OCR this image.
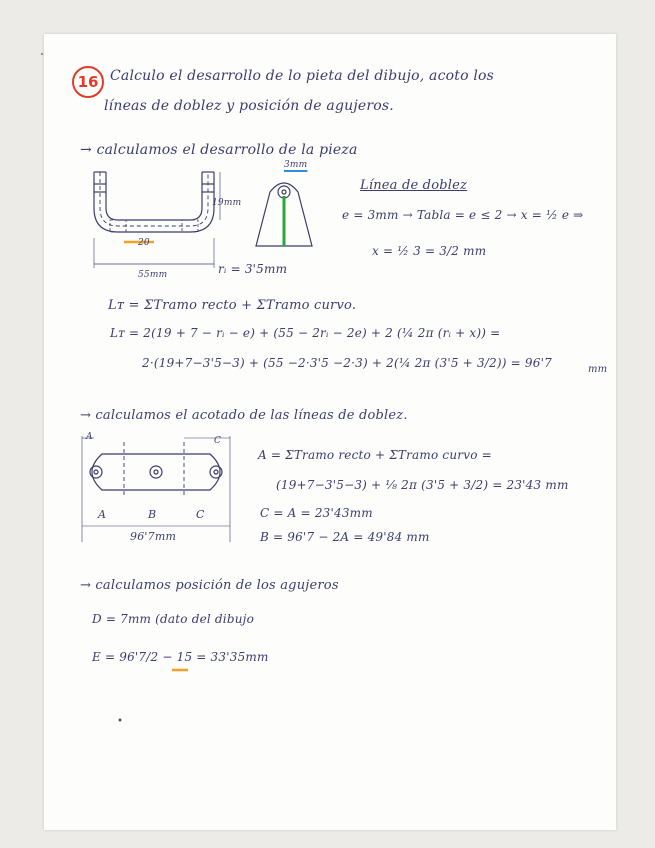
16 Calculo el desarrollo de lo pieta del dibujo, acoto los
líneas de doblez y posición de agujeros.
→ calculamos el desarrollo de la pieza
19mm
20
55mm	rᵢ = 3'5mm
3mm
Línea de doblez
e = 3mm → Tabla = e ≤ 2 → x = ½ e ⇒
x = ½ 3 = 3/2 mm
Lᴛ = ΣTramo recto + ΣTramo curvo.
Lᴛ = 2(19 + 7 − rᵢ − e) + (55 − 2rᵢ − 2e) + 2 (¼ 2π (rᵢ + x)) =
2·(19+7−3'5−3) + (55 −2·3'5 −2·3) + 2(¼ 2π (3'5 + 3/2)) = 96'7	mm
→ calculamos el acotado de las líneas de doblez.
A	C
A	B	C
96'7mm
A = ΣTramo recto + ΣTramo curvo =
(19+7−3'5−3) + ⅛ 2π (3'5 + 3/2) = 23'43 mm
C = A = 23'43mm
B = 96'7 − 2A = 49'84 mm
→ calculamos posición de los agujeros
D = 7mm (dato del dibujo
E = 96'7/2 − 15 = 33'35mm
